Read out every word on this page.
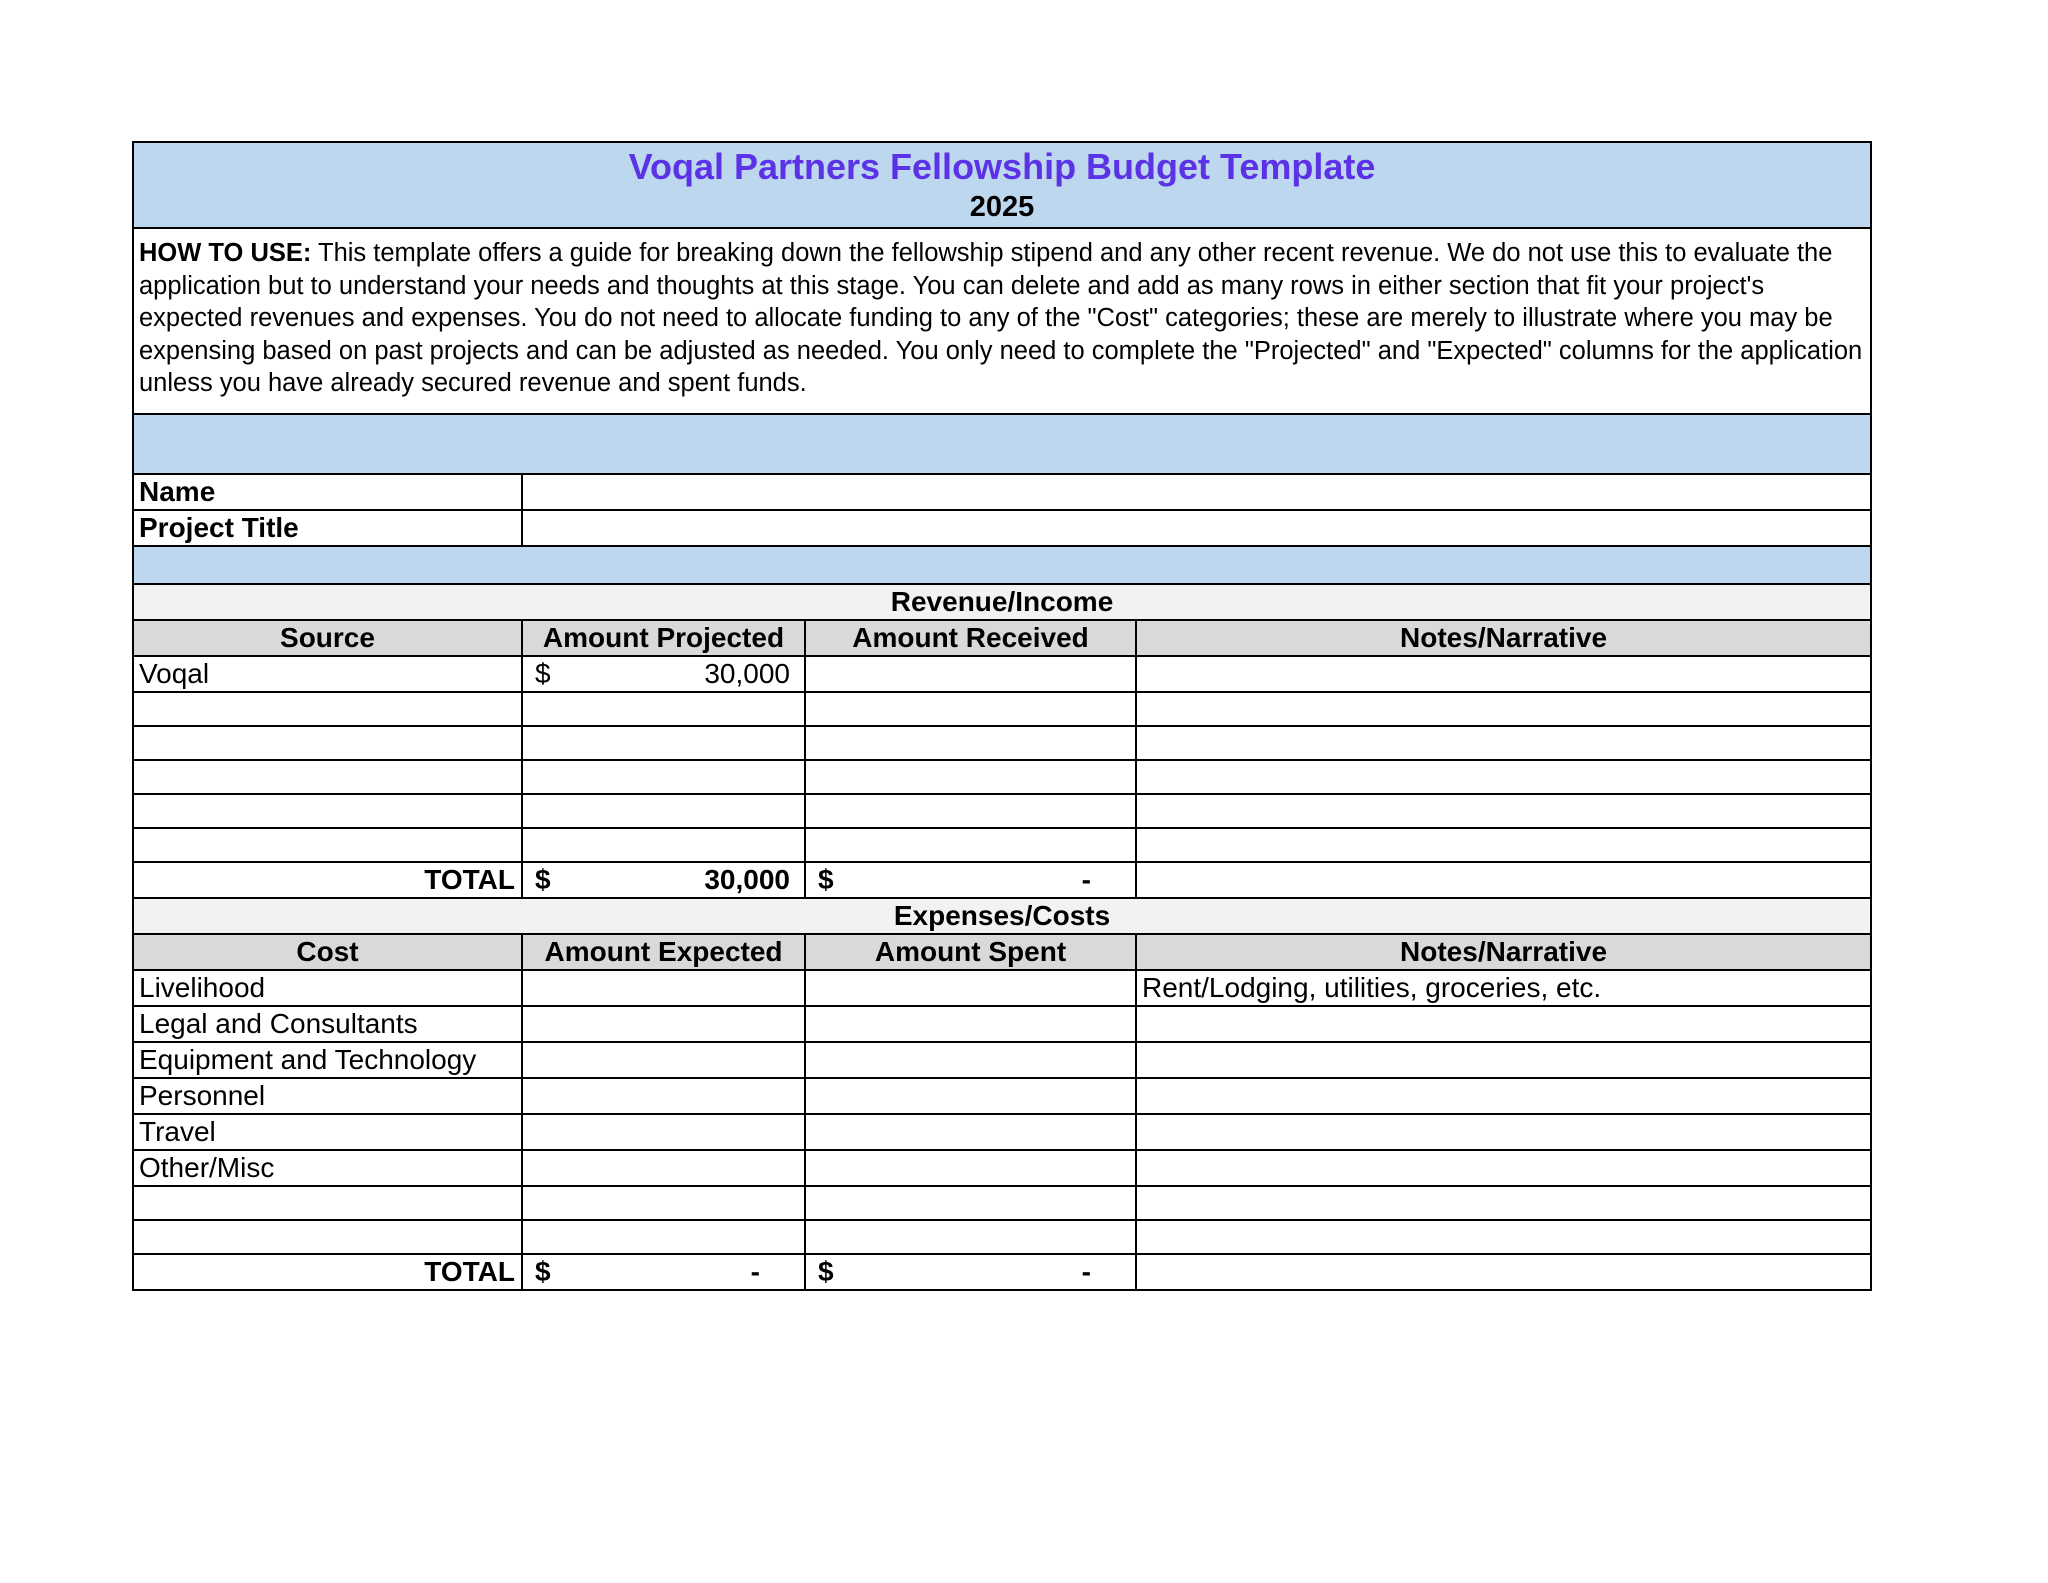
Voqal Partners Fellowship Budget Template
2025			

HOW TO USE: This template offers a guide for breaking down the fellowship stipend and any other recent revenue. We do not use this to evaluate the application but to understand your needs and thoughts at this stage. You can delete and add as many rows in either section that fit your project's expected revenues and expenses. You do not need to allocate funding to any of the "Cost" categories; these are merely to illustrate where you may be expensing based on past projects and can be adjusted as needed. You only need to complete the "Projected" and "Expected" columns for the application unless you have already secured revenue and spent funds.			

Name			
Project Title			

Revenue/Income			
Source	Amount Projected	Amount Received	Notes/Narrative
Voqal	$ 30,000		

TOTAL	$ 30,000	$ -	

Expenses/Costs			
Cost	Amount Expected	Amount Spent	Notes/Narrative
Livelihood			Rent/Lodging, utilities, groceries, etc.
Legal and Consultants			
Equipment and Technology			
Personnel			
Travel			
Other/Misc			

TOTAL	$ -	$ -	
